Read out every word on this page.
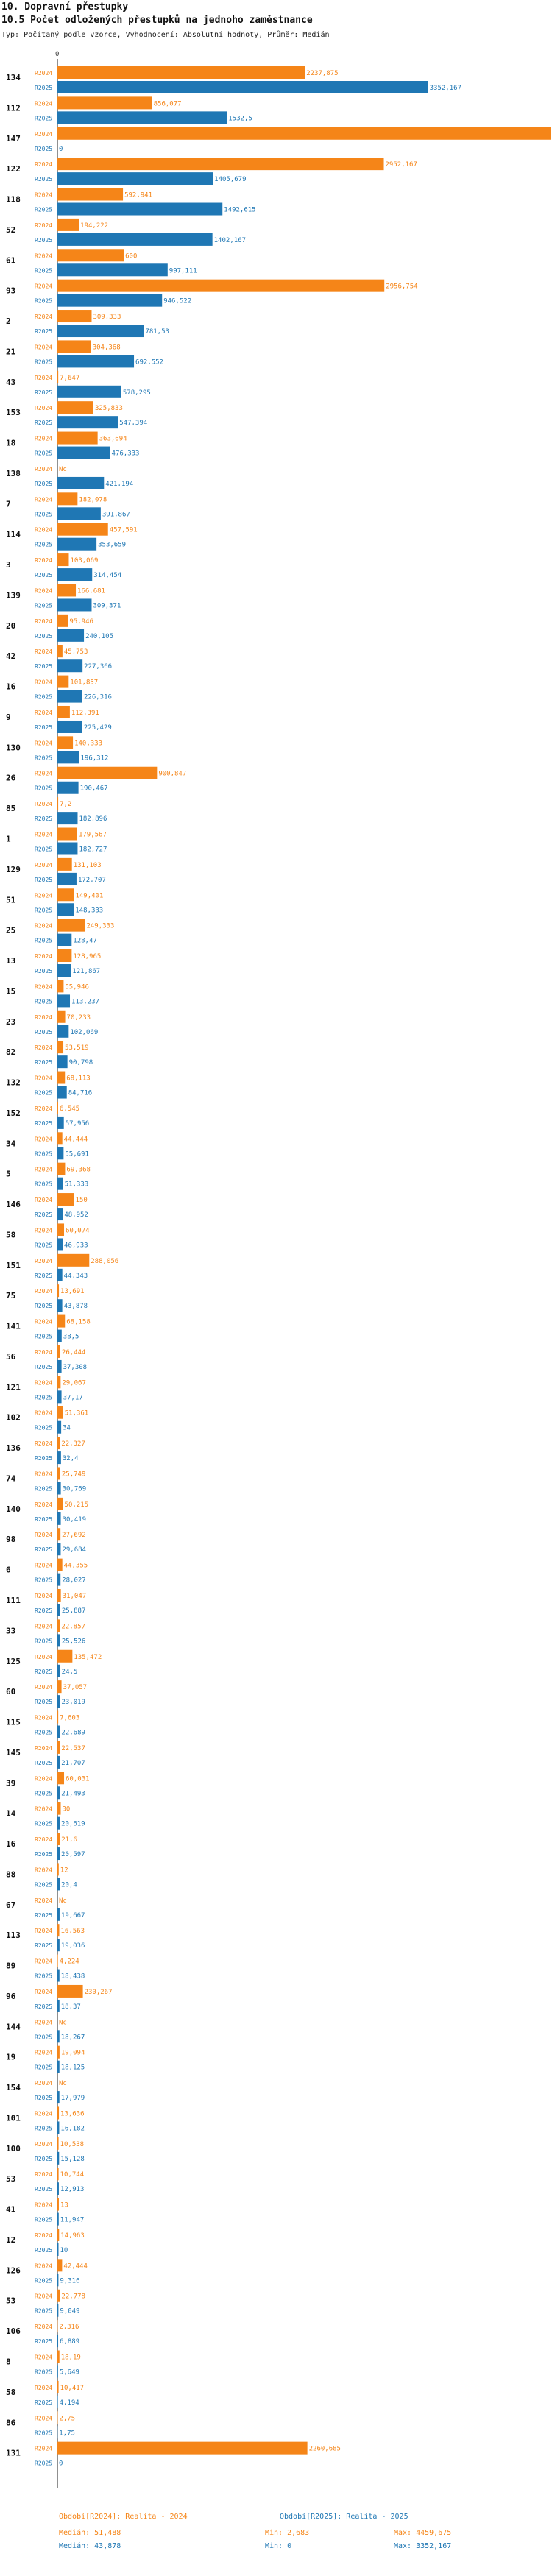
10. Dopravní přestupky
10.5 Počet odložených přestupků na jednoho zaměstnance
Typ: Počítaný podle vzorce, Vyhodnocení: Absolutní hodnoty, Průměr: Medián
0
134 R2024	2237,875
R2025	3352,167
112 R2024	856,077
R2025	1532,5
147 R2024
R2025 0
122 R2024	2952,167
R2025	1405,679
118 R2024	592,941
R2025	1492,615
52	R2024	194,222
R2025	1402,167
61	R2024	600
R2025	997,111
93	R2024	2956,754
R2025	946,522
2	R2024	309,333
R2025	781,53
21	R2024	304,368
R2025	692,552
43	R2024 7,647
R2025	578,295
153 R2024	325,833
R2025	547,394
18	R2024	363,694
R2025	476,333
138 R2024 Nc
R2025	421,194
7	R2024	182,078
R2025	391,867
114 R2024	457,591
R2025	353,659
3	R2024	103,069
R2025	314,454
139 R2024	166,681
R2025	309,371
20	R2024	95,946
R2025	240,105
42	R2024 45,753
R2025	227,366
16	R2024	101,857
R2025	226,316
9	R2024	112,391
R2025	225,429
130 R2024	140,333
R2025	196,312
26	R2024	900,847
R2025	190,467
85	R2024 7,2
R2025	182,896
1	R2024	179,567
R2025	182,727
129 R2024	131,103
R2025	172,707
51	R2024	149,401
R2025	148,333
25	R2024	249,333
R2025	128,47
13	R2024	128,965
R2025	121,867
15	R2024 55,946
R2025	113,237
23	R2024 70,233
R2025	102,069
82	R2024 53,519
R2025	90,798
132 R2024 68,113
R2025 84,716
152 R2024 6,545
R2025 57,956
34	R2024 44,444
R2025 55,691
5	R2024 69,368
R2025 51,333
146 R2024	150
R2025 48,952
58	R2024 60,074
R2025 46,933
151 R2024	288,056
R2025 44,343
75	R2024 13,691
R2025 43,878
141 R2024 68,158
R2025 38,5
56	R2024 26,444
R2025 37,308
121 R2024 29,067
R2025 37,17
102 R2024 51,361
R2025 34
136 R2024 22,327
R2025 32,4
74	R2024 25,749
R2025 30,769
140 R2024 50,215
R2025 30,419
98	R2024 27,692
R2025 29,684
6	R2024 44,355
R2025 28,027
111 R2024 31,047
R2025 25,887
33	R2024 22,857
R2025 25,526
125 R2024	135,472
R2025 24,5
60	R2024 37,057
R2025 23,019
115 R2024 7,603
R2025 22,689
145 R2024 22,537
R2025 21,707
39	R2024 60,031
R2025 21,493
14	R2024 30
R2025 20,619
16	R2024 21,6
R2025 20,597
88	R2024 12
R2025 20,4
67	R2024 Nc
R2025 19,667
113 R2024 16,563
R2025 19,036
89	R2024 4,224
R2025 18,438
96	R2024	230,267
R2025 18,37
144 R2024 Nc
R2025 18,267
19	R2024 19,094
R2025 18,125
154 R2024 Nc
R2025 17,979
101 R2024 13,636
R2025 16,182
100 R2024 10,538
R2025 15,128
53	R2024 10,744
R2025 12,913
41	R2024 13
R2025 11,947
12	R2024 14,963
R2025 10
126 R2024 42,444
R2025 9,316
53	R2024 22,778
R2025 9,049
106 R2024 2,316
R2025 6,889
8	R2024 18,19
R2025 5,649
58	R2024 10,417
R2025 4,194
86	R2024 2,75
R2025 1,75
131 R2024	2260,685
R2025 0
Období[R2024]: Realita - 2024	Období[R2025]: Realita - 2025
Medián: 51,488	Min: 2,683	Max: 4459,675
Medián: 43,878	Min: 0	Max: 3352,167
